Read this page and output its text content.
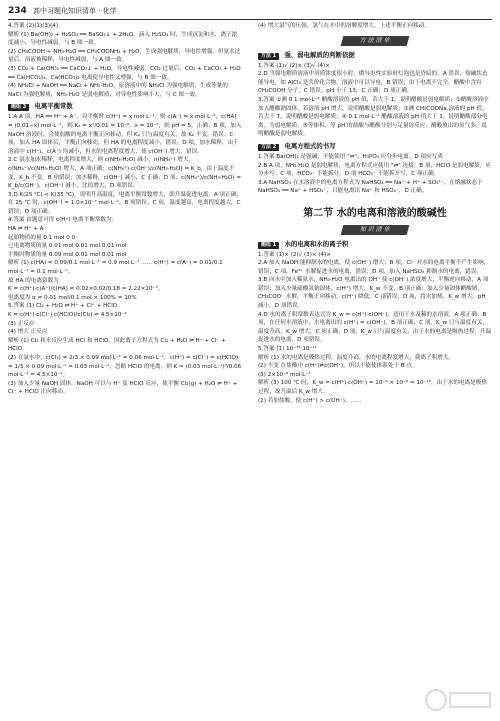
234 高中习题化知识清单 · 化学

4.答案 (2)(1)(3)(4)

解析 (1) Ba(OH)₂ + H₂SO₄ ══ BaSO₄↓ + 2H₂O，滴入 H₂SO₄ 时，生成沉淀和水，离子浓度减小，导电性减弱，与 B 图一致。

(2) CH₃COOH + NH₃·H₂O ══ CH₃COONH₄ + H₂O，生成强电解质，导电性增强，但氨水过量后，溶液被稀释，导电性减弱，与 A 图一致。

(3) CO₂ + Ca(OH)₂ ══ CaCO₃↓ + H₂O，导电性减弱，CO₂ 过量后，CO₂ + CaCO₃ + H₂O ══ Ca(HCO₃)₂，Ca(HCO₃)₂ 电离使导电性又增强，与 B 图一致。

(4) NH₄Cl + NaOH ══ NaCl + NH₃·H₂O，原溶液中的 NH₄Cl 为强电解质，生成等量的 NaCl 为强电解质，NH₃·H₂O 是弱电解质，对导电性影响不大，与 C 图一致。

题组 3 电离平衡常数

1.A A 项，HA ══ H⁺ + A⁻，设平衡时 c(H⁺) = x mol·L⁻¹，则 c(A⁻) = x mol·L⁻¹，c(HA) = (0.01−x) mol·L⁻¹，则 Kₐ = x²/0.01 = 10⁻⁸，x = 10⁻⁵，则 pH = 5，正确；B 项，加入 NaOH 溶液时，会使弱酸的电离平衡正向移动，但 Kₐ 只与温度有关，故 Kₐ 不变，错误；C 项，加入 HA 固体后，平衡正向移动，但 HA 的电离程度减小，错误；D 项，加水稀释，由于溶液中 c(H⁺)、c(A⁻) 均减小，但水的电离程度增大，使 c(OH⁻) 增大，错误。

2.C 氨水加水稀释，电离程度增大，则 c(NH₃·H₂O) 减小，n(NH₄⁺) 增大，c(NH₄⁺)/c(NH₃·H₂O) 增大，A 项正确；c(NH₄⁺)·c(OH⁻)/c(NH₃·H₂O) = K_b，由于温度不变，K_b 不变，B 项错误；加水稀释，c(OH⁻) 减小，C 正确；D 项，c(NH₄⁺)/c(NH₃·H₂O) = K_b/c(OH⁻)，c(OH⁻) 减小，比值增大，D 项错误。

3.D K(25 ℃) < K(35 ℃)，说明升高温度，电离平衡常数增大，即升温促进电离，A 项正确；在 25 ℃ 时，c(OH⁻) = 1.0×10⁻⁷ mol·L⁻¹，B 项错误；C 项，温度越高，电离程度越大，C 错误；D 项正确。

4.答案 由题意可得 c(H⁺) 电离平衡常数为：

HA ⇌ H⁺ + A⁻

起始物质的量 0.1 mol 0 0

已电离物质的量 0.01 mol 0.01 mol 0.01 mol

平衡时物质的量 0.09 mol 0.01 mol 0.01 mol

解析 (1) c(HA) = 0.09/0.1 mol·L⁻¹ = 0.9 mol·L⁻¹ …… c(H⁺) = c(A⁻) = 0.01/0.1 mol·L⁻¹ = 0.1 mol·L⁻¹。

故 HA 的电离常数为

K = c(H⁺)·c(A⁻)/c(HA) = 0.02×0.02/0.18 = 2.22×10⁻³。

电离度为 α = 0.01 mol/0.1 mol × 100% = 10%

5.答案 (1) Cl₂ + H₂O ⇌ H⁺ + Cl⁻ + HClO

K = c(H⁺)·c(Cl⁻)·c(HClO)/c(Cl₂) = 4.5×10⁻⁴

(3) 正反应

(4) 增大 正反应

解析 (1) Cl₂ 和水反应生成 HCl 和 HClO，因此离子方程式为 Cl₂ + H₂O ⇌ H⁺ + Cl⁻ + HClO。

(2) 在氯水中，c(Cl₂) = 2/3 × 0.09 mol·L⁻¹ = 0.06 mol·L⁻¹，c(H⁺) = c(Cl⁻) = c(HClO) = 1/3 × 0.09 mol·L⁻¹ = 0.03 mol·L⁻¹，忽略 HClO 的电离，则 K = (0.03 mol·L⁻¹)³/0.06 mol·L⁻¹ = 4.5×10⁻⁴。

(3) 加入少量 NaOH 固体，NaOH 可以与 H⁺ 及 HClO 反应，使平衡 Cl₂(g) + H₂O ⇌ H⁺ + Cl⁻ + HClO 正向移动。

(4) 增大氯气的压强，氯气在水中的溶解度增大，上述平衡正向移动。

方 法 清 单
方法 1 强、弱电解质的判断依据

1.答案 (1)√ (2)× (3)√ (4)×

2.D 当强电解质溶液中溶质浓度很小时，做导电性实验时灯泡也是昏暗的，A 错误；熔融状态能导电，如 AlCl₃ 是共价化合物，溶液中可以导电，B 错误；由于电离不完全，醋酸中含有 CH₃COOH 分子，C 错误；pH 小于 13，C 正确；D 项正确。

3.答案 ①测 0.1 mol·L⁻¹ 醋酸溶液的 pH 值，若大于 1，说明醋酸是弱电解质；②醋酸溶液中加入醋酸钠固体，若溶液 pH 增大，说明醋酸是弱电解质；③测 CH₃COONa 溶液的 pH 值，若大于 7，说明醋酸是弱电解质；④ 0.1 mol·L⁻¹ 醋酸溶液的 pH 值大于 1，说明醋酸部分电离，为弱电解质；⑤等体积、等 pH 的盐酸与醋酸分别与足量锌反应，醋酸放出的氢气多，说明醋酸是弱电解质。

方法 2 电离方程式的书写

1.答案 Ba(OH)₂ 是强碱，不能使用 "⇌"；H₃PO₄ 应分步电离；D 项应写成

2.B A 项，NH₃·H₂O 是弱电解质，电离方程式应使用 "⇌" 连接；B 项，HClO 是弱电解质，应分步写；C 项，HCO₃⁻ 不能拆分，D 项 HCO₃⁻ 不能拆开写，C 项正确。

3.A NaHSO₄ 在水溶液中的电离方程式为 NaHSO₄ ══ Na⁺ + H⁺ + SO₄²⁻，在熔融状态下 NaHSO₄ ══ Na⁺ + HSO₄⁻，只能电离出 Na⁺ 和 HSO₄⁻，D 正确。

第二节 水的电离和溶液的酸碱性
知 识 清 单
题组 1 水的电离和水的离子积

1.答案 (1)× (2)√ (3)× (4)×

2.A 加入 NaOH 能抑制水的电离，使 c(OH⁻) 增大；B 项，Cl⁻ 对水的电离平衡不产生影响，错误；C 项，Fe³⁺ 水解促进水的电离，错误；D 项，加入 NaHSO₄ 抑制水的电离，错误。

3.B 向水中加入稀氨水，NH₃·H₂O 电离出的 OH⁻ 使 c(OH⁻) 浓度增大，平衡逆向移动，A 项错误；加入少量硫酸氢钠固体，c(H⁺) 增大，K_w 不变，B 项正确；加入少量固体醋酸钠，CH₃COO⁻ 水解，平衡正向移动，c(H⁺) 降低，C 项错误；D 项，将水加热，K_w 增大，pH 减小，D 项错误。

4.D 水的离子积常数表达式为 K_w = c(H⁺)·c(OH⁻)，适用于水及稀的水溶液，A 项正确；B 项，在任何水溶液中，水电离出的 c(H⁺) = c(OH⁻)，B 项正确；C 项，K_w 只与温度有关，温度升高，K_w 增大，C 项正确；D 项，K_w 只与温度有关，由于水的电离是吸热过程，升温促进水的电离，D 项错误。

5.答案 (1) 10⁻¹⁴ 10⁻¹²

解析 (1) 水的电离是吸热过程，温度升高，水的电离程度增大，使离子积增大。

(2) 不变 在盐酸中 c(H⁺)≠c(OH⁻)，所以不能使体系处于 B 点。

(3) 2×10⁻⁹ mol·L⁻¹

解析 (3) 100 ℃ 时，K_w = c(H⁺)·c(OH⁻) = 10⁻⁶ × 10⁻⁶ = 10⁻¹²，由于水的电离是吸热过程，故升温后 K_w 增大。

(2) 若加盐酸，使 c(H⁺) > c(OH⁻)，……
